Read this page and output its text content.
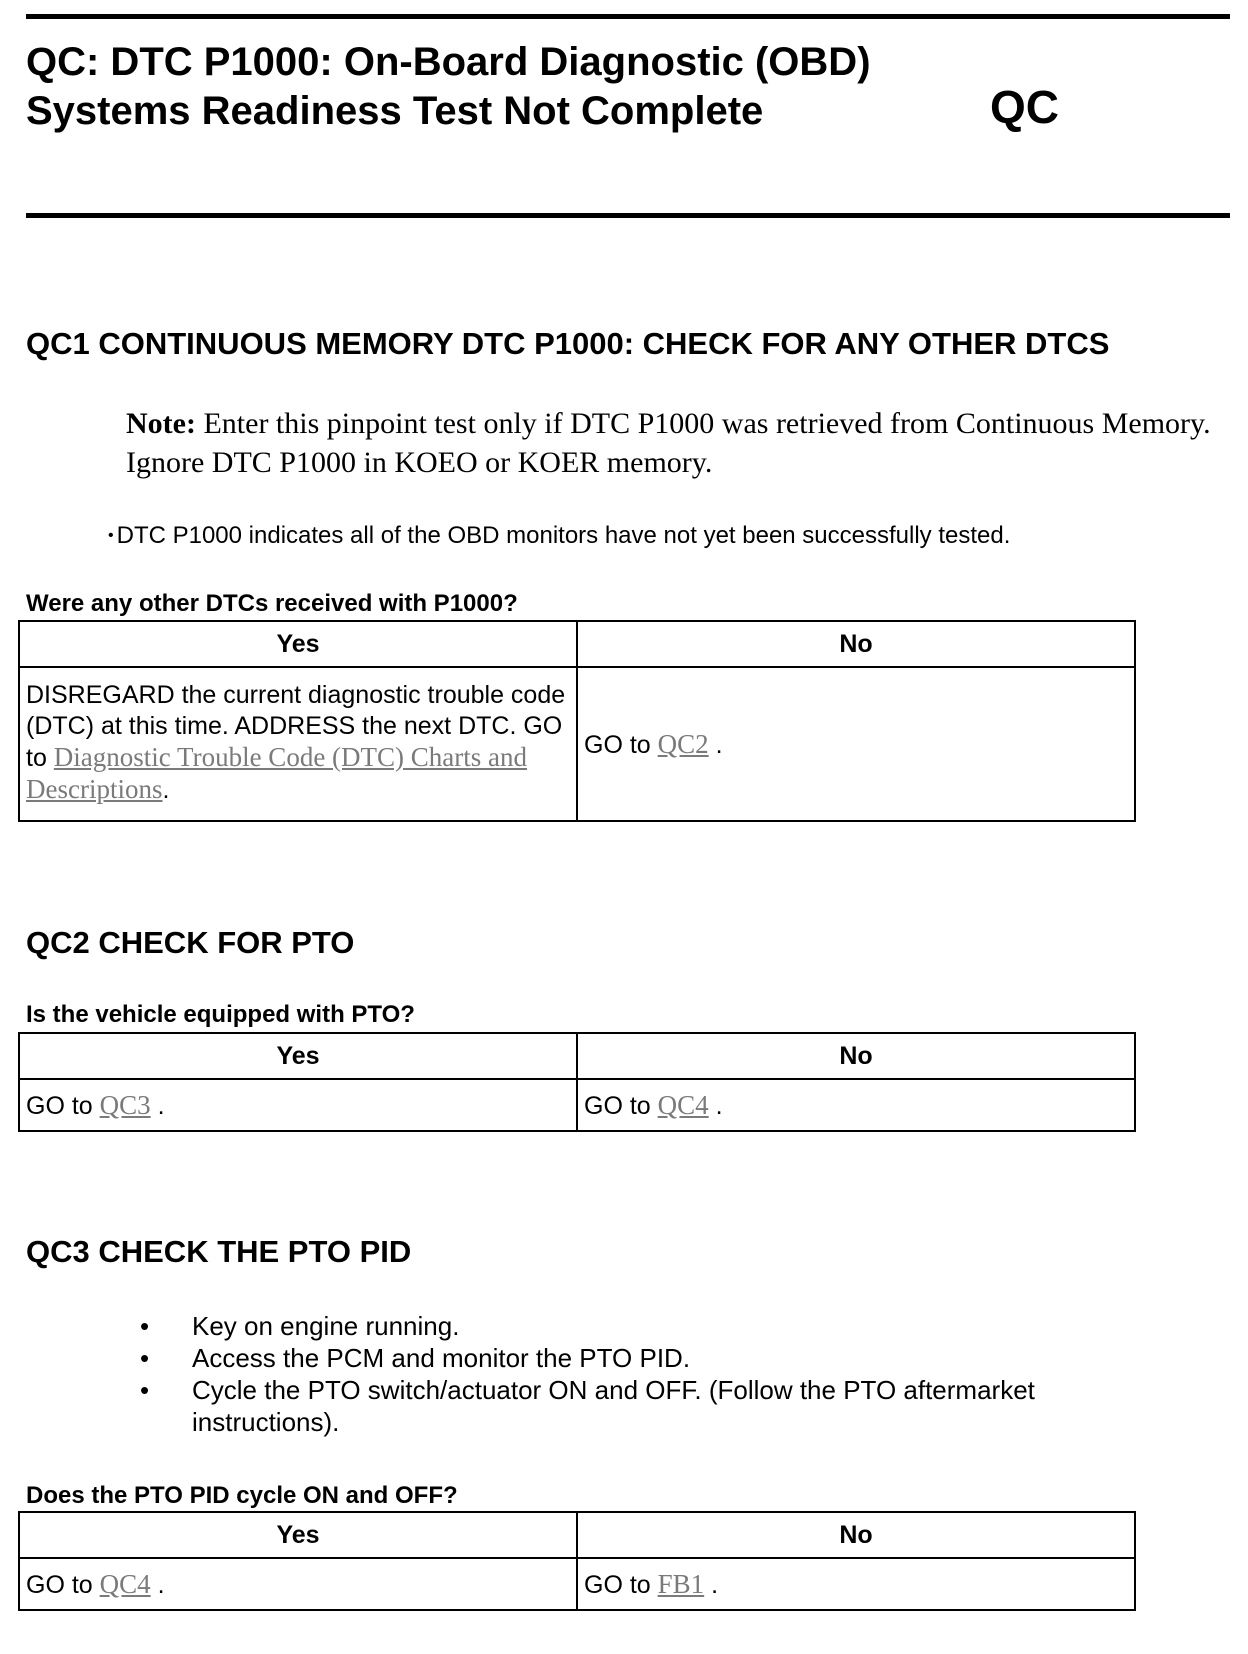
QC: DTC P1000: On-Board Diagnostic (OBD) Systems Readiness Test Not Complete	QC
QC1 CONTINUOUS MEMORY DTC P1000: CHECK FOR ANY OTHER DTCS

Note: Enter this pinpoint test only if DTC P1000 was retrieved from Continuous Memory. Ignore DTC P1000 in KOEO or KOER memory.

• DTC P1000 indicates all of the OBD monitors have not yet been successfully tested.
Were any other DTCs received with P1000?
Yes	No
DISREGARD the current diagnostic trouble code (DTC) at this time. ADDRESS the next DTC. GO to Diagnostic Trouble Code (DTC) Charts and Descriptions.	GO to QC2 .
QC2 CHECK FOR PTO
Is the vehicle equipped with PTO?
Yes	No
GO to QC3 .	GO to QC4 .
QC3 CHECK THE PTO PID
• Key on engine running.
• Access the PCM and monitor the PTO PID.
• Cycle the PTO switch/actuator ON and OFF. (Follow the PTO aftermarket instructions).
Does the PTO PID cycle ON and OFF?
Yes	No
GO to QC4 .	GO to FB1 .
